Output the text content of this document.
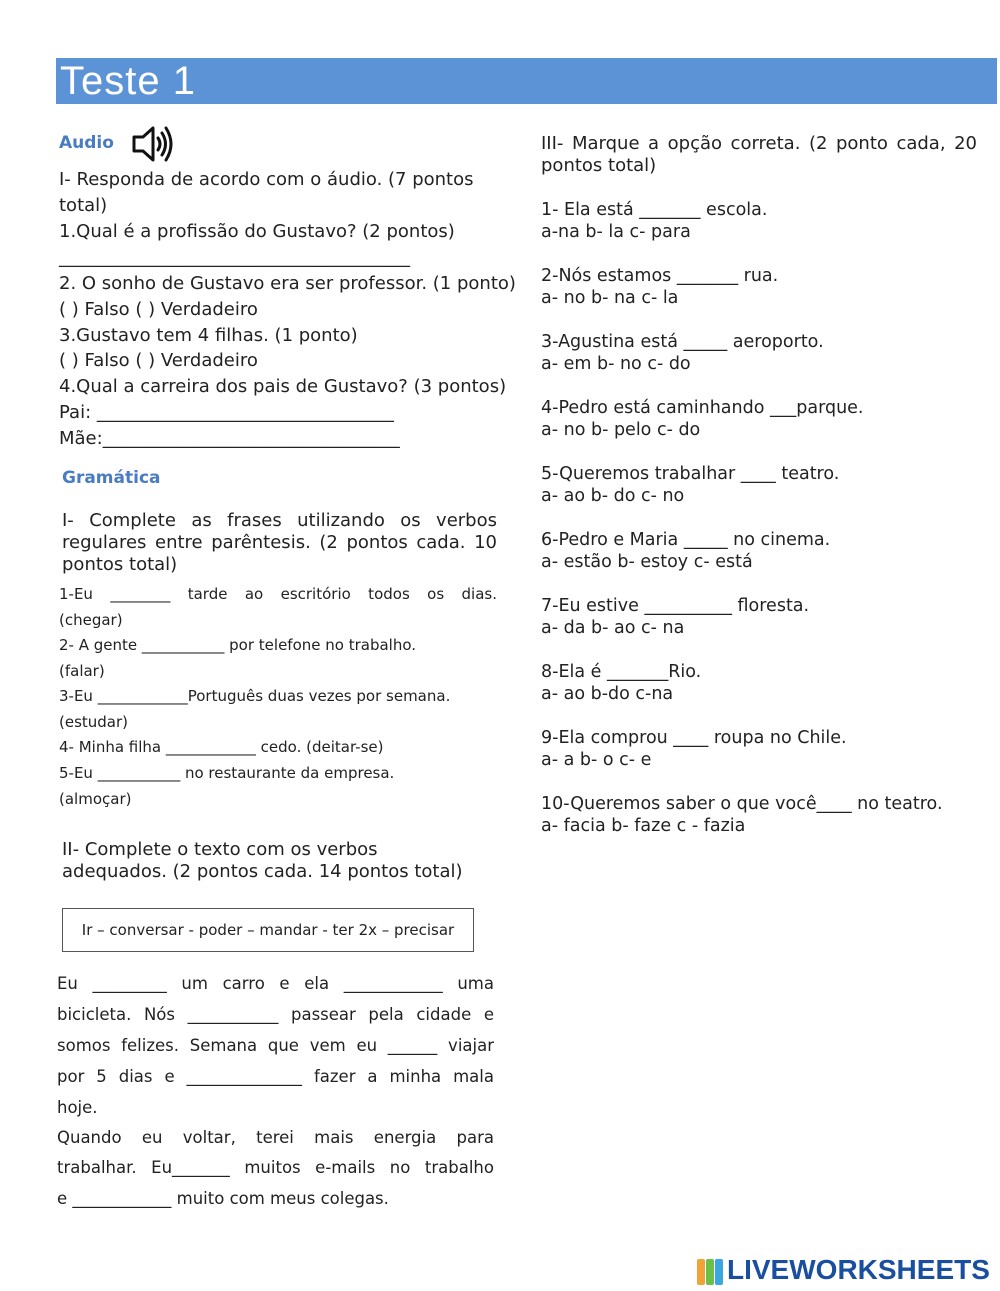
Teste 1
Audio
I- Responda de acordo com o áudio. (7 pontos
total)
1.Qual é a profissão do Gustavo? (2 pontos)
_______________________________________
2. O sonho de Gustavo era ser professor. (1 ponto)
( ) Falso ( ) Verdadeiro
3.Gustavo tem 4 filhas. (1 ponto)
( ) Falso ( ) Verdadeiro
4.Qual a carreira dos pais de Gustavo? (3 pontos)
Pai: _________________________________
Mãe:_________________________________
Gramática
I- Complete as frases utilizando os verbos
regulares entre parêntesis. (2 pontos cada. 10
pontos total)
1-Eu ________ tarde ao escritório todos os dias.
(chegar)
2- A gente ___________ por telefone no trabalho.
(falar)
3-Eu ____________Português duas vezes por semana.
(estudar)
4- Minha filha ____________ cedo. (deitar-se)
5-Eu ___________ no restaurante da empresa.
(almoçar)
II- Complete o texto com os verbos
adequados. (2 pontos cada. 14 pontos total)
Ir – conversar - poder – mandar - ter 2x – precisar
Eu _________ um carro e ela ____________ uma
bicicleta. Nós ___________ passear pela cidade e
somos felizes. Semana que vem eu ______ viajar
por 5 dias e ______________ fazer a minha mala
hoje.
Quando eu voltar, terei mais energia para
trabalhar. Eu_______ muitos e-mails no trabalho
e ____________ muito com meus colegas.
III- Marque a opção correta. (2 ponto cada, 20
pontos total)
1- Ela está _______ escola.
a-na b- la c- para
2-Nós estamos _______ rua.
a- no b- na c- la
3-Agustina está _____ aeroporto.
a- em b- no c- do
4-Pedro está caminhando ___parque.
a- no b- pelo c- do
5-Queremos trabalhar ____ teatro.
a- ao b- do c- no
6-Pedro e Maria _____ no cinema.
a- estão b- estoy c- está
7-Eu estive __________ floresta.
a- da b- ao c- na
8-Ela é _______Rio.
a- ao b-do c-na
9-Ela comprou ____ roupa no Chile.
a- a b- o c- e
10-Queremos saber o que você____ no teatro.
a- facia b- faze c - fazia
LIVEWORKSHEETS
